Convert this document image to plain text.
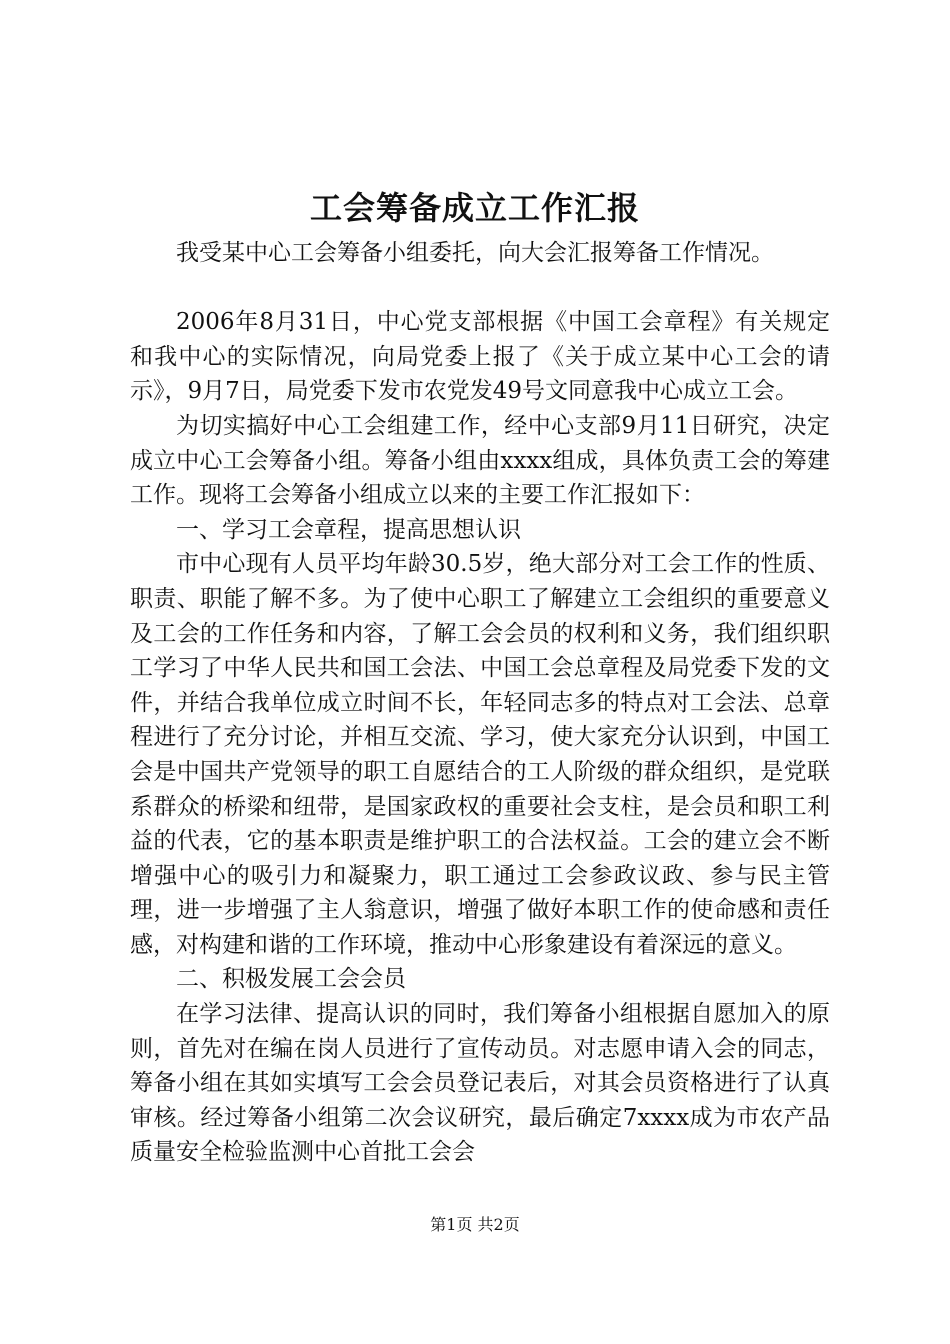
工会筹备成立工作汇报

我受某中心工会筹备小组委托，向大会汇报筹备工作情况。

2006年8月31日，中心党支部根据《中国工会章程》有关规定和我中心的实际情况，向局党委上报了《关于成立某中心工会的请示》，9月7日，局党委下发市农党发49号文同意我中心成立工会。

为切实搞好中心工会组建工作，经中心支部9月11日研究，决定成立中心工会筹备小组。筹备小组由xxxx组成，具体负责工会的筹建工作。现将工会筹备小组成立以来的主要工作汇报如下：

一、学习工会章程，提高思想认识

市中心现有人员平均年龄30.5岁，绝大部分对工会工作的性质、职责、职能了解不多。为了使中心职工了解建立工会组织的重要意义及工会的工作任务和内容，了解工会会员的权利和义务，我们组织职工学习了中华人民共和国工会法、中国工会总章程及局党委下发的文件，并结合我单位成立时间不长，年轻同志多的特点对工会法、总章程进行了充分讨论，并相互交流、学习，使大家充分认识到，中国工会是中国共产党领导的职工自愿结合的工人阶级的群众组织，是党联系群众的桥梁和纽带，是国家政权的重要社会支柱，是会员和职工利益的代表，它的基本职责是维护职工的合法权益。工会的建立会不断增强中心的吸引力和凝聚力，职工通过工会参政议政、参与民主管理，进一步增强了主人翁意识，增强了做好本职工作的使命感和责任感，对构建和谐的工作环境，推动中心形象建设有着深远的意义。

二、积极发展工会会员

在学习法律、提高认识的同时，我们筹备小组根据自愿加入的原则，首先对在编在岗人员进行了宣传动员。对志愿申请入会的同志，筹备小组在其如实填写工会会员登记表后，对其会员资格进行了认真审核。经过筹备小组第二次会议研究，最后确定7xxxx成为市农产品质量安全检验监测中心首批工会会

第1页 共2页
